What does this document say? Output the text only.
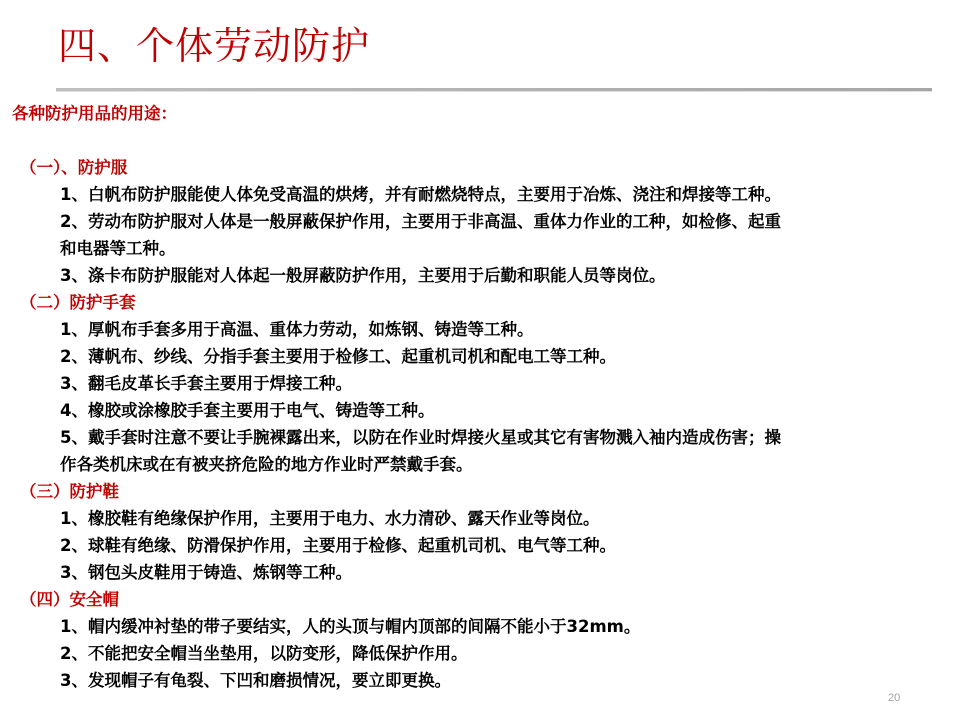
四、个体劳动防护
各种防护用品的用途：
（一）、防护服
1、白帆布防护服能使人体免受高温的烘烤，并有耐燃烧特点，主要用于冶炼、浇注和焊接等工种。
2、劳动布防护服对人体是一般屏蔽保护作用，主要用于非高温、重体力作业的工种，如检修、起重
和电器等工种。
3、涤卡布防护服能对人体起一般屏蔽防护作用，主要用于后勤和职能人员等岗位。
（二）防护手套
1、厚帆布手套多用于高温、重体力劳动，如炼钢、铸造等工种。
2、薄帆布、纱线、分指手套主要用于检修工、起重机司机和配电工等工种。
3、翻毛皮革长手套主要用于焊接工种。
4、橡胶或涂橡胶手套主要用于电气、铸造等工种。
5、戴手套时注意不要让手腕裸露出来，以防在作业时焊接火星或其它有害物溅入袖内造成伤害；操
作各类机床或在有被夹挤危险的地方作业时严禁戴手套。
（三）防护鞋
1、橡胶鞋有绝缘保护作用，主要用于电力、水力清砂、露天作业等岗位。
2、球鞋有绝缘、防滑保护作用，主要用于检修、起重机司机、电气等工种。
3、钢包头皮鞋用于铸造、炼钢等工种。
（四）安全帽
1、帽内缓冲衬垫的带子要结实，人的头顶与帽内顶部的间隔不能小于32mm。
2、不能把安全帽当坐垫用，以防变形，降低保护作用。
3、发现帽子有龟裂、下凹和磨损情况，要立即更换。
20
